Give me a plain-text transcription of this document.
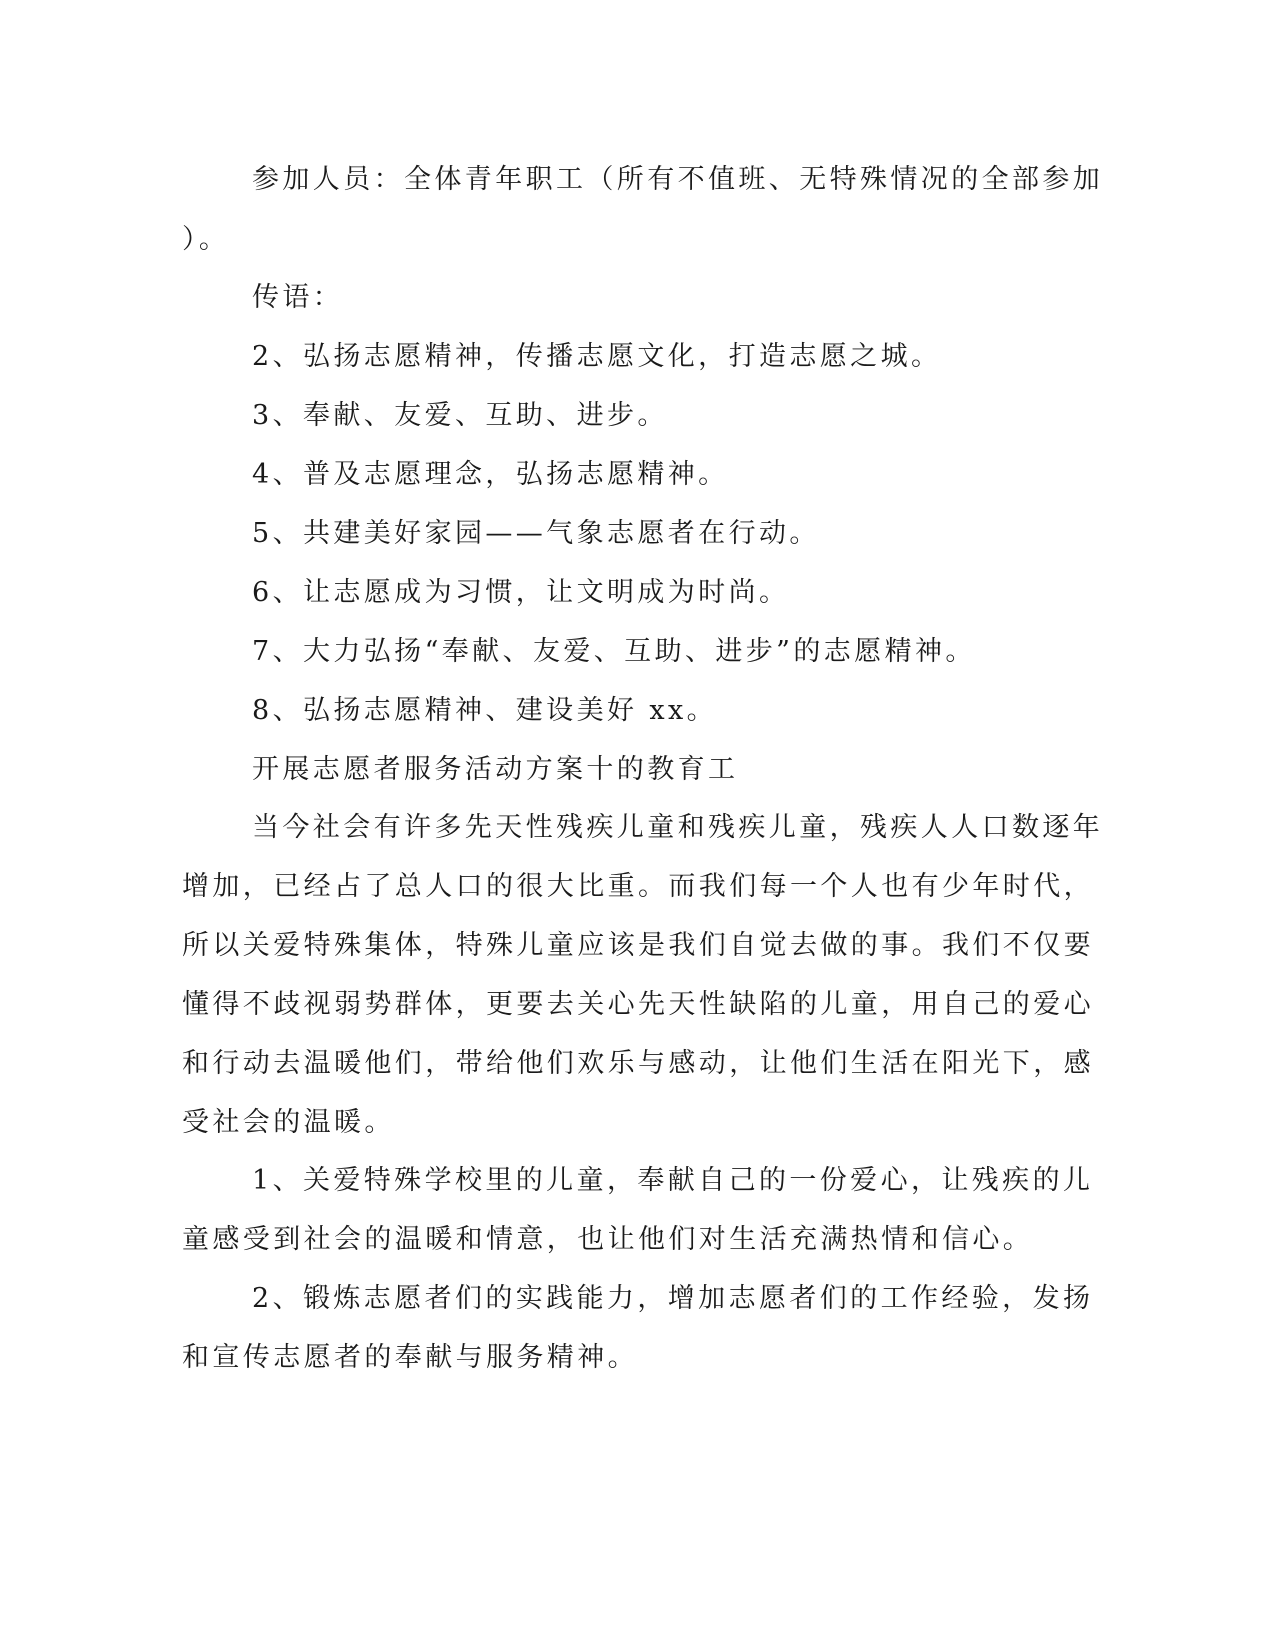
参加人员：全体青年职工（所有不值班、无特殊情况的全部参加

）。

传语：

2、弘扬志愿精神，传播志愿文化，打造志愿之城。

3、奉献、友爱、互助、进步。

4、普及志愿理念，弘扬志愿精神。

5、共建美好家园——气象志愿者在行动。

6、让志愿成为习惯，让文明成为时尚。

7、大力弘扬“奉献、友爱、互助、进步”的志愿精神。

8、弘扬志愿精神、建设美好 xx。

开展志愿者服务活动方案十的教育工

当今社会有许多先天性残疾儿童和残疾儿童，残疾人人口数逐年

增加，已经占了总人口的很大比重。而我们每一个人也有少年时代，

所以关爱特殊集体，特殊儿童应该是我们自觉去做的事。我们不仅要

懂得不歧视弱势群体，更要去关心先天性缺陷的儿童，用自己的爱心

和行动去温暖他们，带给他们欢乐与感动，让他们生活在阳光下，感

受社会的温暖。

1、关爱特殊学校里的儿童，奉献自己的一份爱心，让残疾的儿

童感受到社会的温暖和情意，也让他们对生活充满热情和信心。

2、锻炼志愿者们的实践能力，增加志愿者们的工作经验，发扬

和宣传志愿者的奉献与服务精神。
